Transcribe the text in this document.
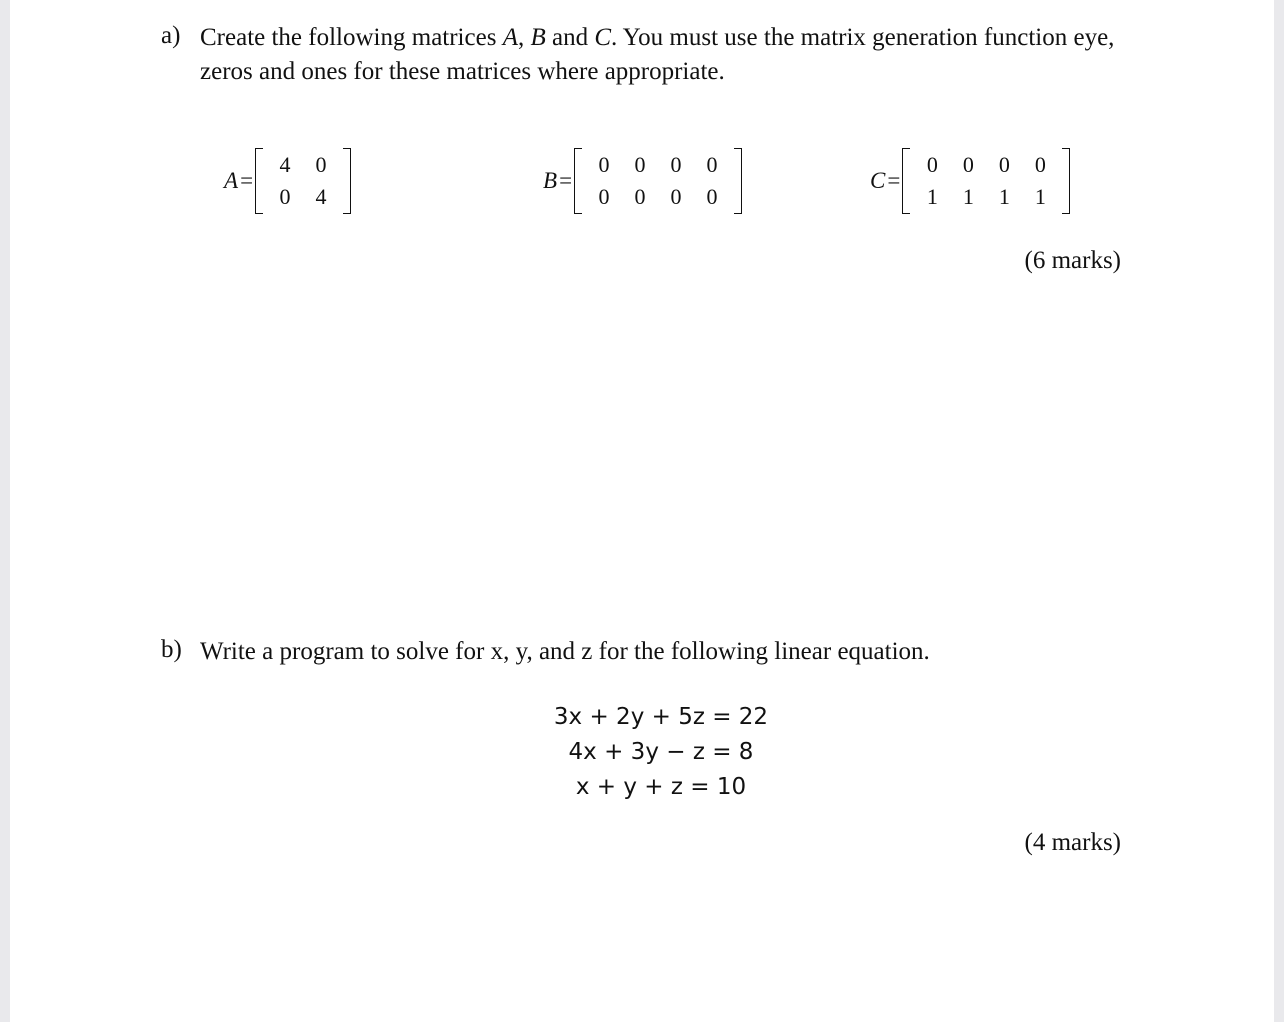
a) Create the following matrices A, B and C. You must use the matrix generation function eye, zeros and ones for these matrices where appropriate.
A =
4	0
0	4
B =
0	0	0	0
0	0	0	0
C =
0	0	0	0
1	1	1	1
(6 marks)
b) Write a program to solve for x, y, and z for the following linear equation.
3x + 2y + 5z = 22
4x + 3y − z = 8
x + y + z = 10
(4 marks)
